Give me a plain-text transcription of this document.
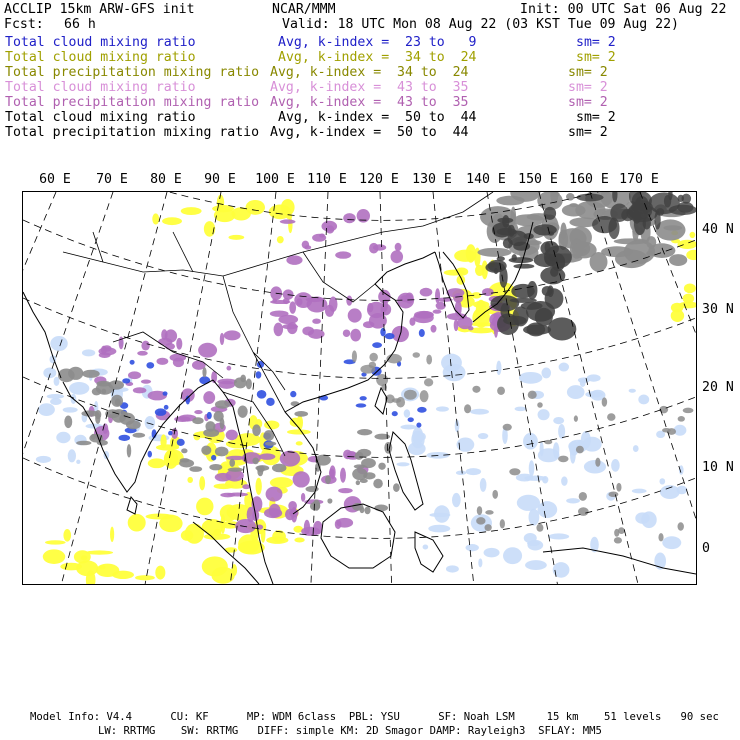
ACCLIP 15km ARW-GFS init	NCAR/MMM	Init: 00 UTC Sat 06 Aug 22
Fcst: 66 h	Valid: 18 UTC Mon 08 Aug 22 (03 KST Tue 09 Aug 22)
Total cloud mixing ratio	Avg, k-index =  23 to   9	sm= 2
Total cloud mixing ratio	Avg, k-index =  34 to  24	sm= 2
Total precipitation mixing ratio Avg, k-index =  34 to  24	sm= 2
Total cloud mixing ratio	Avg, k-index =  43 to  35	sm= 2
Total precipitation mixing ratio Avg, k-index =  43 to  35	sm= 2
Total cloud mixing ratio	Avg, k-index =  50 to  44	sm= 2
Total precipitation mixing ratio Avg, k-index =  50 to  44	sm= 2
60 E 70 E 80 E 90 E 100 E 110 E 120 E 130 E 140 E 150 E 160 E 170 E
40 N
30 N
20 N
10 N
0
Model Info: V4.4      CU: KF      MP: WDM 6class  PBL: YSU      SF: Noah LSM     15 km    51 levels   90 sec
LW: RRTMG    SW: RRTMG   DIFF: simple KM: 2D Smagor DAMP: Rayleigh3  SFLAY: MM5
